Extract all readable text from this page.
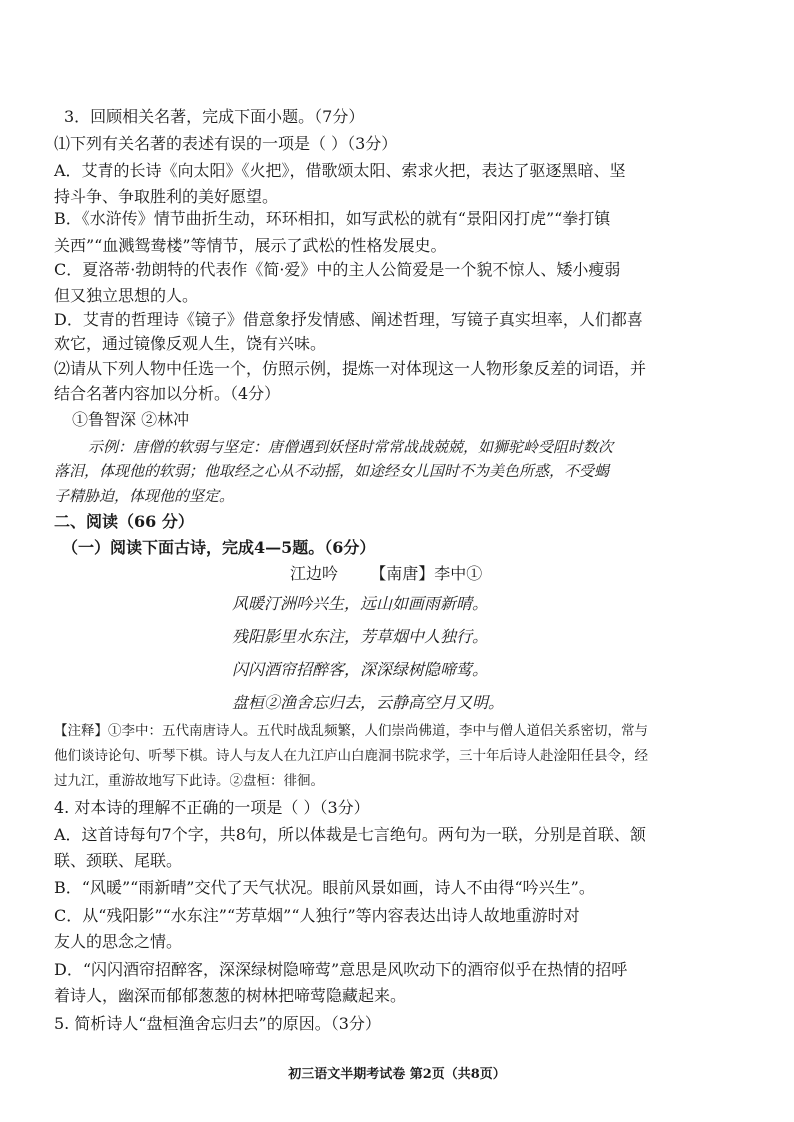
3．回顾相关名著，完成下面小题。（7分）
⑴下列有关名著的表述有误的一项是（ ）（3分）
A．艾青的长诗《向太阳》《火把》，借歌颂太阳、索求火把，表达了驱逐黑暗、坚
持斗争、争取胜利的美好愿望。
B．《水浒传》情节曲折生动，环环相扣，如写武松的就有“景阳冈打虎”“拳打镇
关西”“血溅鸳鸯楼”等情节，展示了武松的性格发展史。
C．夏洛蒂·勃朗特的代表作《简·爱》中的主人公简爱是一个貌不惊人、矮小瘦弱
但又独立思想的人。
D．艾青的哲理诗《镜子》借意象抒发情感、阐述哲理，写镜子真实坦率，人们都喜
欢它，通过镜像反观人生，饶有兴味。
⑵请从下列人物中任选一个，仿照示例，提炼一对体现这一人物形象反差的词语，并
结合名著内容加以分析。（4分）
①鲁智深 ②林冲
示例：唐僧的软弱与坚定：唐僧遇到妖怪时常常战战兢兢，如狮驼岭受阻时数次
落泪，体现他的软弱；他取经之心从不动摇，如途经女儿国时不为美色所惑，不受蝎
子精胁迫，体现他的坚定。
二、阅读（66 分）
（一）阅读下面古诗，完成4—5题。（6分）
江边吟 【南唐】李中①
风暖汀洲吟兴生，远山如画雨新晴。
残阳影里水东注，芳草烟中人独行。
闪闪酒帘招醉客，深深绿树隐啼莺。
盘桓②渔舍忘归去，云静高空月又明。
【注释】①李中：五代南唐诗人。五代时战乱频繁，人们崇尚佛道，李中与僧人道侣关系密切，常与
他们谈诗论句、听琴下棋。诗人与友人在九江庐山白鹿洞书院求学，三十年后诗人赴淦阳任县令，经
过九江，重游故地写下此诗。②盘桓：徘徊。
4. 对本诗的理解不正确的一项是（ ）（3分）
A．这首诗每句7个字，共8句，所以体裁是七言绝句。两句为一联，分别是首联、颔
联、颈联、尾联。
B．“风暖”“雨新晴”交代了天气状况。眼前风景如画，诗人不由得“吟兴生”。
C．从“残阳影”“水东注”“芳草烟”“人独行”等内容表达出诗人故地重游时对
友人的思念之情。
D．“闪闪酒帘招醉客，深深绿树隐啼莺”意思是风吹动下的酒帘似乎在热情的招呼
着诗人，幽深而郁郁葱葱的树林把啼莺隐藏起来。
5. 简析诗人“盘桓渔舍忘归去”的原因。（3分）
初三语文半期考试卷 第2页（共8页）
